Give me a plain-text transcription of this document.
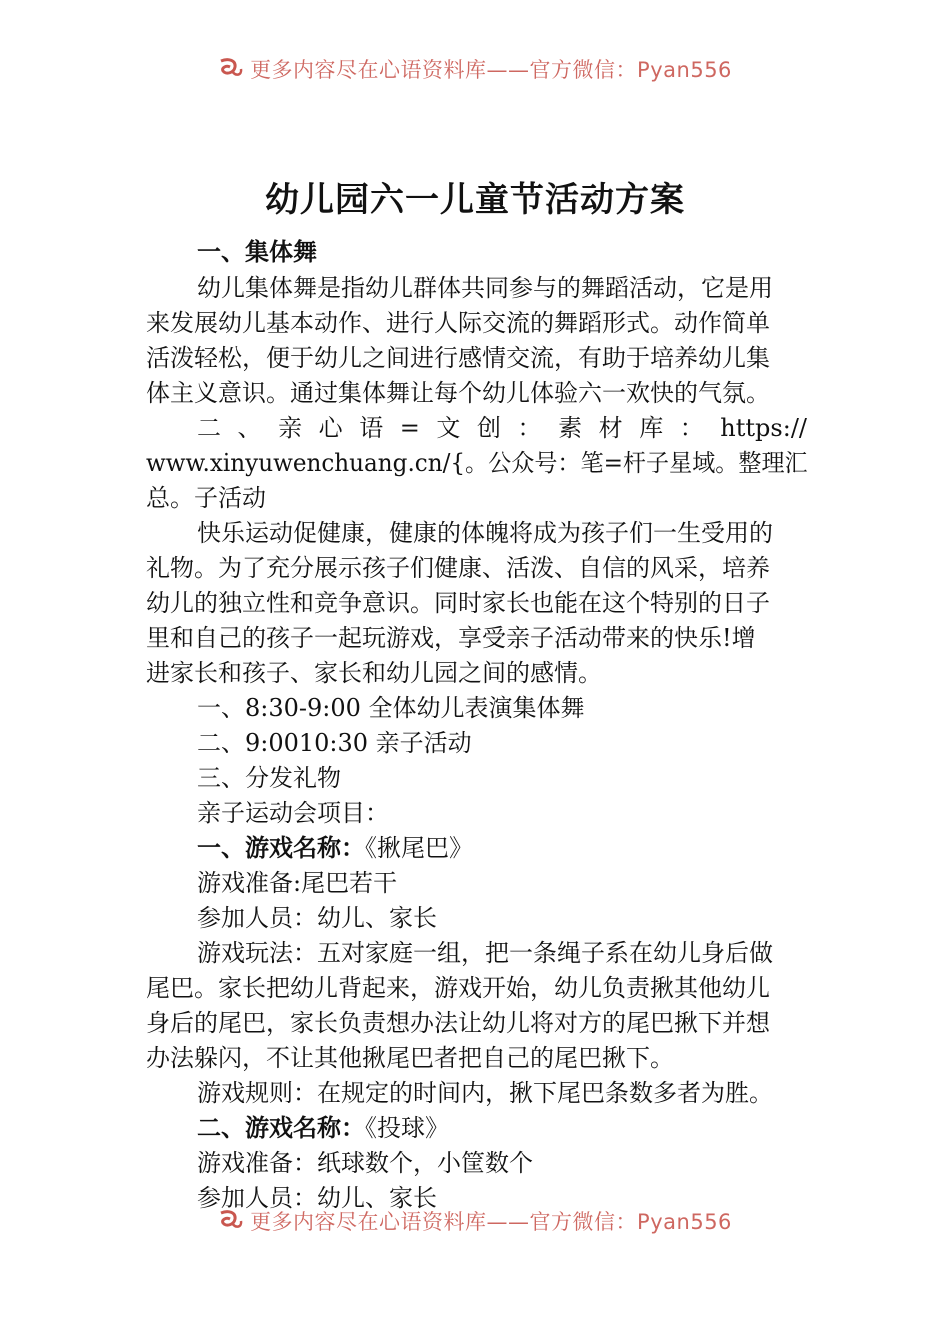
更多内容尽在心语资料库——官方微信：Pyan556
幼儿园六一儿童节活动方案
一、集体舞
幼儿集体舞是指幼儿群体共同参与的舞蹈活动，它是用
来发展幼儿基本动作、进行人际交流的舞蹈形式。动作简单
活泼轻松，便于幼儿之间进行感情交流，有助于培养幼儿集
体主义意识。通过集体舞让每个幼儿体验六一欢快的气氛。
二、亲心语=文创：素材库：https://
www.xinyuwenchuang.cn/{。公众号：笔=杆子星域。整理汇
总。子活动
快乐运动促健康，健康的体魄将成为孩子们一生受用的
礼物。为了充分展示孩子们健康、活泼、自信的风采，培养
幼儿的独立性和竞争意识。同时家长也能在这个特别的日子
里和自己的孩子一起玩游戏，享受亲子活动带来的快乐!增
进家长和孩子、家长和幼儿园之间的感情。
一、8:30-9:00 全体幼儿表演集体舞
二、9:0010:30 亲子活动
三、分发礼物
亲子运动会项目：
一、游戏名称：《揪尾巴》
游戏准备:尾巴若干
参加人员：幼儿、家长
游戏玩法：五对家庭一组，把一条绳子系在幼儿身后做
尾巴。家长把幼儿背起来，游戏开始，幼儿负责揪其他幼儿
身后的尾巴，家长负责想办法让幼儿将对方的尾巴揪下并想
办法躲闪，不让其他揪尾巴者把自己的尾巴揪下。
游戏规则：在规定的时间内，揪下尾巴条数多者为胜。
二、游戏名称：《投球》
游戏准备：纸球数个，小筐数个
参加人员：幼儿、家长
更多内容尽在心语资料库——官方微信：Pyan556
